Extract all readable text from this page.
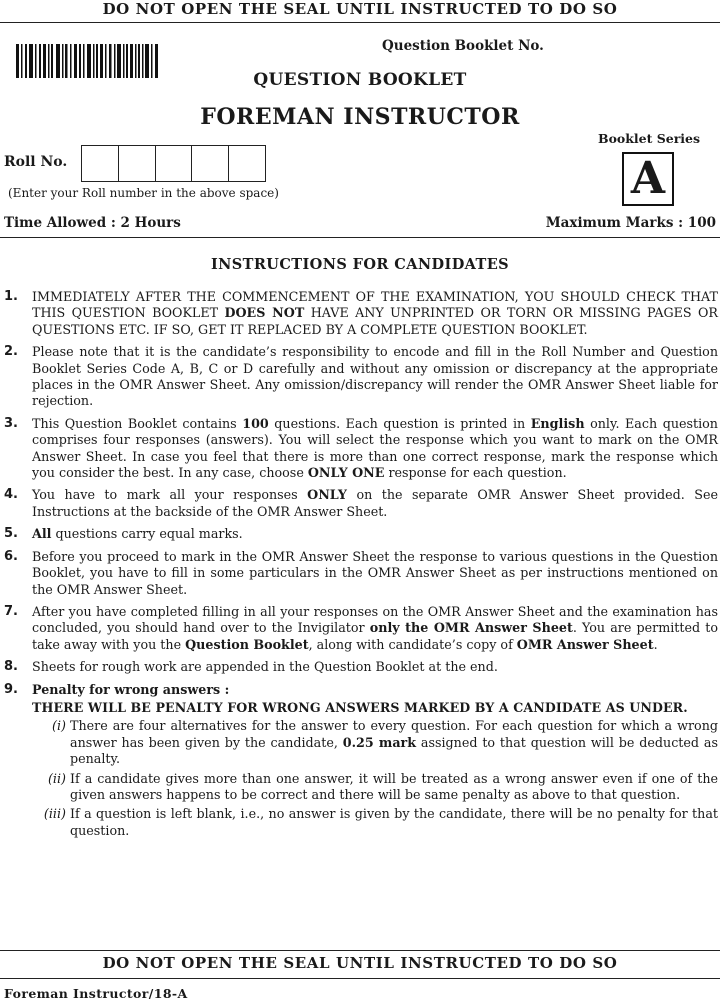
DO NOT OPEN THE SEAL UNTIL INSTRUCTED TO DO SO
Question Booklet No.
QUESTION BOOKLET
FOREMAN INSTRUCTOR
Booklet Series
A
Roll No.
(Enter your Roll number in the above space)
Time Allowed : 2 Hours	Maximum Marks : 100
INSTRUCTIONS FOR CANDIDATES
1.	IMMEDIATELY AFTER THE COMMENCEMENT OF THE EXAMINATION, YOU SHOULD CHECK THAT THIS QUESTION BOOKLET DOES NOT HAVE ANY UNPRINTED OR TORN OR MISSING PAGES OR QUESTIONS ETC. IF SO, GET IT REPLACED BY A COMPLETE QUESTION BOOKLET.
2.	Please note that it is the candidate’s responsibility to encode and fill in the Roll Number and Question Booklet Series Code A, B, C or D carefully and without any omission or discrepancy at the appropriate places in the OMR Answer Sheet. Any omission/discrepancy will render the OMR Answer Sheet liable for rejection.
3.	This Question Booklet contains 100 questions. Each question is printed in English only. Each question comprises four responses (answers). You will select the response which you want to mark on the OMR Answer Sheet. In case you feel that there is more than one correct response, mark the response which you consider the best. In any case, choose ONLY ONE response for each question.
4.	You have to mark all your responses ONLY on the separate OMR Answer Sheet provided. See Instructions at the backside of the OMR Answer Sheet.
5.	All questions carry equal marks.
6.	Before you proceed to mark in the OMR Answer Sheet the response to various questions in the Question Booklet, you have to fill in some particulars in the OMR Answer Sheet as per instructions mentioned on the OMR Answer Sheet.
7.	After you have completed filling in all your responses on the OMR Answer Sheet and the examination has concluded, you should hand over to the Invigilator only the OMR Answer Sheet. You are permitted to take away with you the Question Booklet, along with candidate’s copy of OMR Answer Sheet.
8.	Sheets for rough work are appended in the Question Booklet at the end.
9.	Penalty for wrong answers :
THERE WILL BE PENALTY FOR WRONG ANSWERS MARKED BY A CANDIDATE AS UNDER.
(i) There are four alternatives for the answer to every question. For each question for which a wrong answer has been given by the candidate, 0.25 mark assigned to that question will be deducted as penalty.
(ii) If a candidate gives more than one answer, it will be treated as a wrong answer even if one of the given answers happens to be correct and there will be same penalty as above to that question.
(iii) If a question is left blank, i.e., no answer is given by the candidate, there will be no penalty for that question.
DO NOT OPEN THE SEAL UNTIL INSTRUCTED TO DO SO
Foreman Instructor/18-A
